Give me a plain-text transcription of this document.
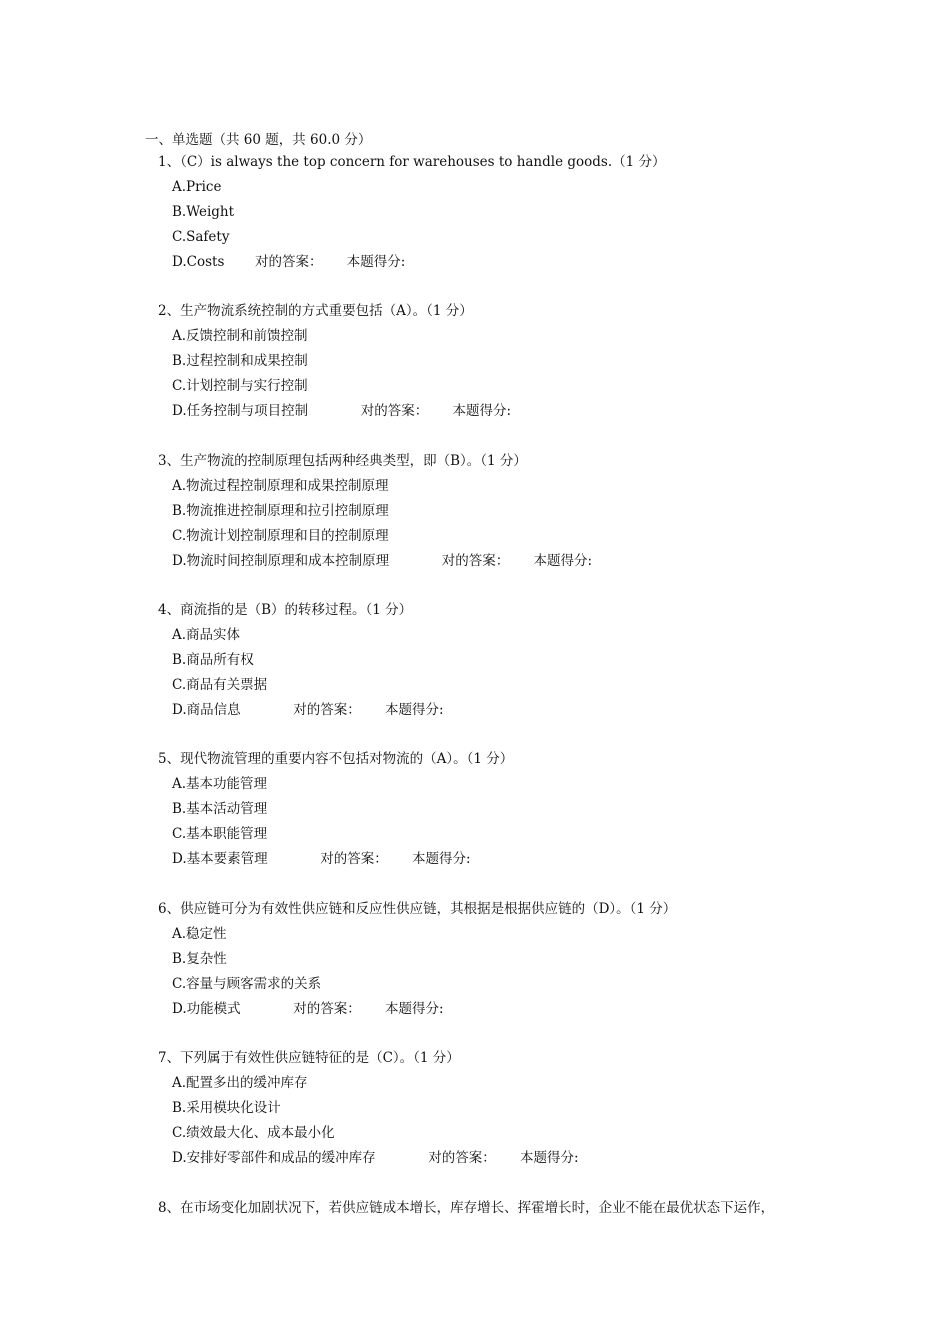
一、单选题（共 60 题，共 60.0 分）
1、（C）is always the top concern for warehouses to handle goods.（1 分）
A.Price
B.Weight
C.Safety
D.Costs 对的答案： 本题得分:
2、生产物流系统控制的方式重要包括（A）。（1 分）
A.反馈控制和前馈控制
B.过程控制和成果控制
C.计划控制与实行控制
D.任务控制与项目控制	对的答案： 本题得分:
3、生产物流的控制原理包括两种经典类型，即（B）。（1 分）
A.物流过程控制原理和成果控制原理
B.物流推进控制原理和拉引控制原理
C.物流计划控制原理和目的控制原理
D.物流时间控制原理和成本控制原理	对的答案： 本题得分:
4、商流指的是（B）的转移过程。（1 分）
A.商品实体
B.商品所有权
C.商品有关票据
D.商品信息	对的答案： 本题得分:
5、现代物流管理的重要内容不包括对物流的（A）。（1 分）
A.基本功能管理
B.基本活动管理
C.基本职能管理
D.基本要素管理	对的答案： 本题得分:
6、供应链可分为有效性供应链和反应性供应链，其根据是根据供应链的（D）。（1 分）
A.稳定性
B.复杂性
C.容量与顾客需求的关系
D.功能模式	对的答案： 本题得分:
7、下列属于有效性供应链特征的是（C）。（1 分）
A.配置多出的缓冲库存
B.采用模块化设计
C.绩效最大化、成本最小化
D.安排好零部件和成品的缓冲库存	对的答案： 本题得分:
8、在市场变化加剧状况下，若供应链成本增长，库存增长、挥霍增长时，企业不能在最优状态下运作，
